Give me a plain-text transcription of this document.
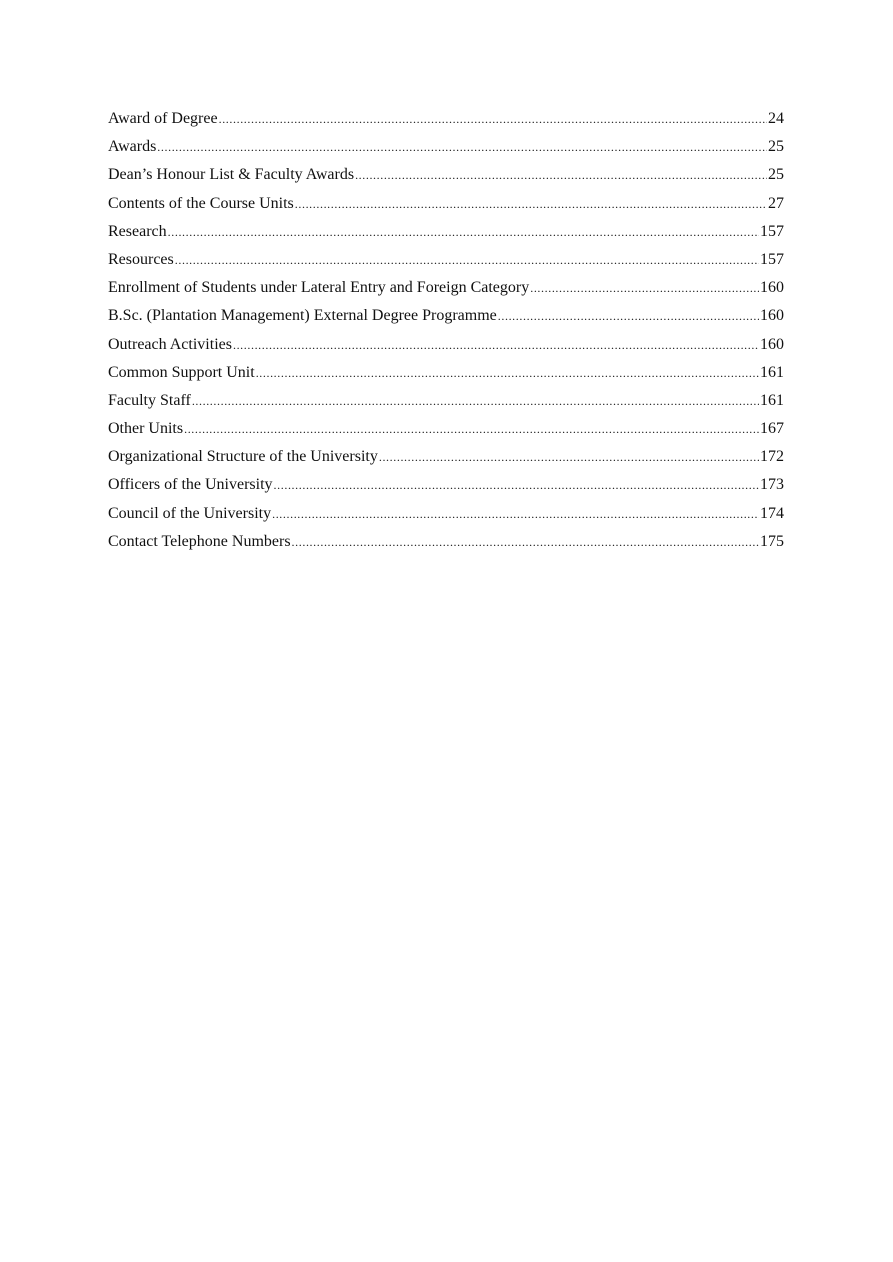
Award of Degree .....	24
Awards .....	25
Dean’s Honour List & Faculty Awards .....	25
Contents of the Course Units .....	27
Research .....	157
Resources .....	157
Enrollment of Students under Lateral Entry and Foreign Category .....	160
B.Sc. (Plantation Management) External Degree Programme .....	160
Outreach Activities .....	160
Common Support Unit .....	161
Faculty Staff .....	161
Other Units .....	167
Organizational Structure of the University .....	172
Officers of the University .....	173
Council of the University .....	174
Contact Telephone Numbers .....	175
